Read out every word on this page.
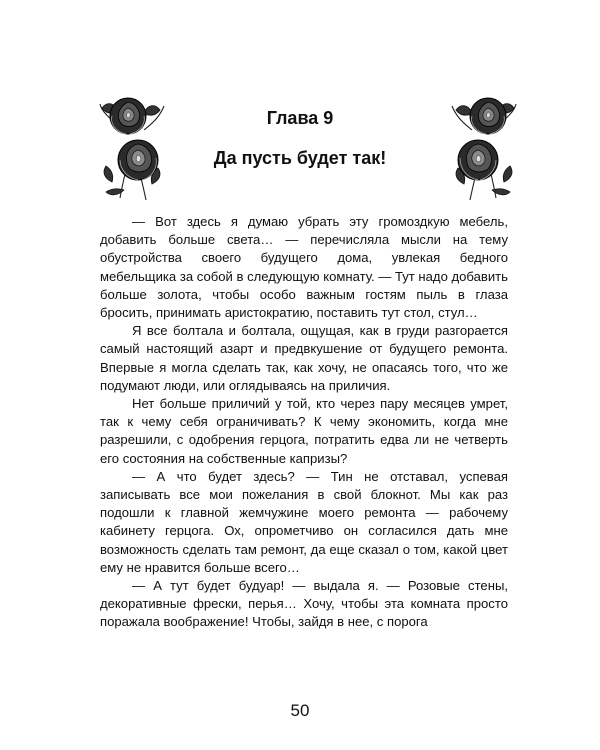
Глава 9
Да пусть будет так!

— Вот здесь я думаю убрать эту громоздкую мебель, добавить больше света… — перечисляла мысли на тему обустройства своего будущего дома, увлекая бедного мебельщика за собой в следующую комнату. — Тут надо добавить больше золота, чтобы особо важным гостям пыль в глаза бросить, принимать аристократию, поставить тут стол, стул…

Я все болтала и болтала, ощущая, как в груди разгорается самый настоящий азарт и предвкушение от будущего ремонта. Впервые я могла сделать так, как хочу, не опасаясь того, что же подумают люди, или оглядываясь на приличия.

Нет больше приличий у той, кто через пару месяцев умрет, так к чему себя ограничивать? К чему экономить, когда мне разрешили, с одобрения герцога, потратить едва ли не четверть его состояния на собственные капризы?

— А что будет здесь? — Тин не отставал, успевая записывать все мои пожелания в свой блокнот. Мы как раз подошли к главной жемчужине моего ремонта — рабочему кабинету герцога. Ох, опрометчиво он согласился дать мне возможность сделать там ремонт, да еще сказал о том, какой цвет ему не нравится больше всего…

— А тут будет будуар! — выдала я. — Розовые стены, декоративные фрески, перья… Хочу, чтобы эта комната просто поражала воображение! Чтобы, зайдя в нее, с порога

50
